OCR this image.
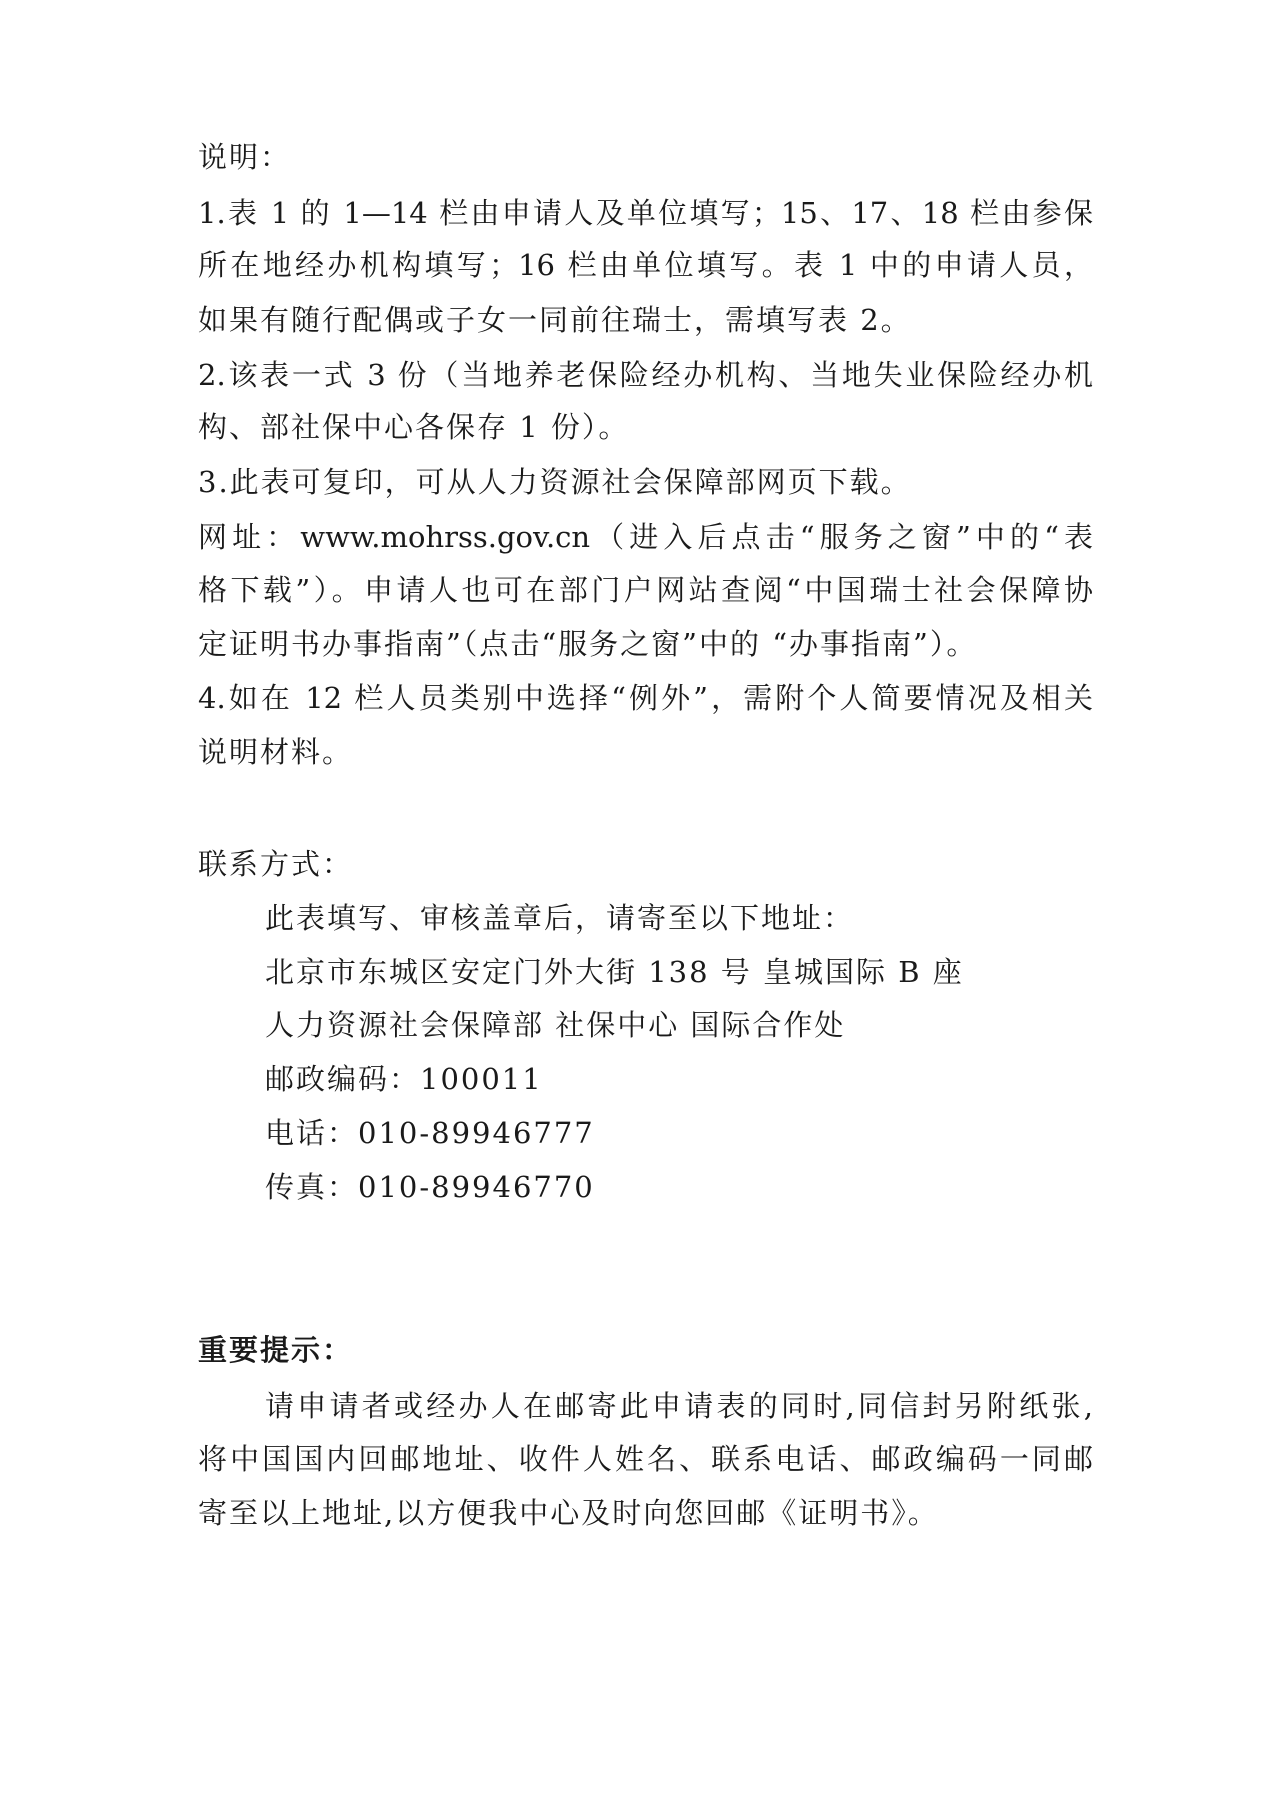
说明：
1.表 1 的 1—14 栏由申请人及单位填写；15、17、18 栏由参保
所在地经办机构填写；16 栏由单位填写。表 1 中的申请人员，
如果有随行配偶或子女一同前往瑞士，需填写表 2。
2.该表一式 3 份（当地养老保险经办机构、当地失业保险经办机
构、部社保中心各保存 1 份）。
3.此表可复印，可从人力资源社会保障部网页下载。
网址：www.mohrss.gov.cn（进入后点击“服务之窗”中的“表
格下载”）。申请人也可在部门户网站查阅“中国瑞士社会保障协
定证明书办事指南”（点击“服务之窗”中的 “办事指南”）。
4.如在 12 栏人员类别中选择“例外”，需附个人简要情况及相关
说明材料。
联系方式：
此表填写、审核盖章后，请寄至以下地址：
北京市东城区安定门外大街 138 号 皇城国际 B 座
人力资源社会保障部 社保中心 国际合作处
邮政编码：100011
电话：010-89946777
传真：010-89946770
重要提示：
请申请者或经办人在邮寄此申请表的同时,同信封另附纸张,
将中国国内回邮地址、收件人姓名、联系电话、邮政编码一同邮
寄至以上地址,以方便我中心及时向您回邮《证明书》。
